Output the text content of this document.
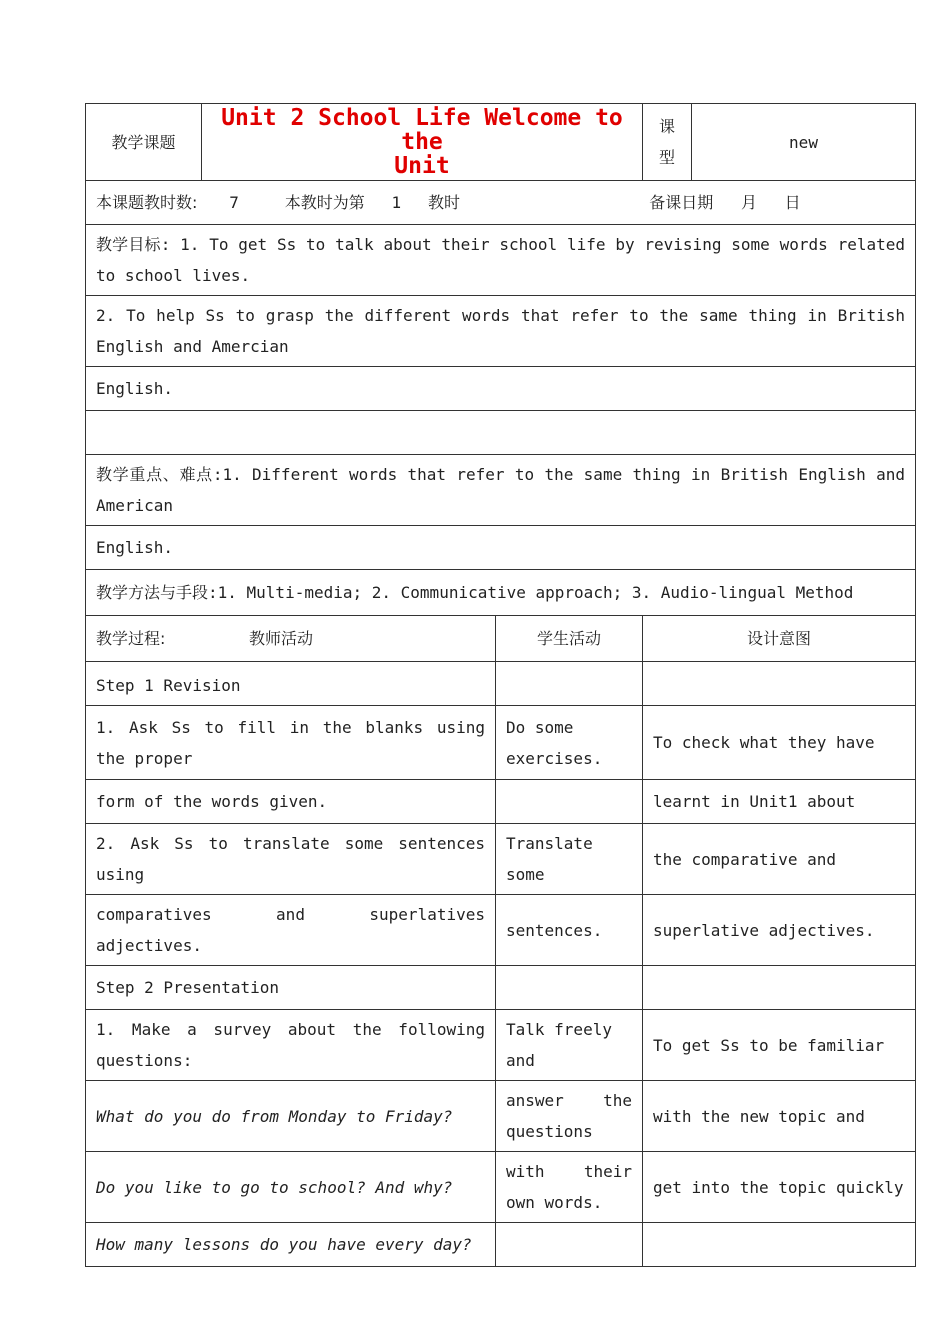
教学课题	Unit 2 School Life Welcome to the
Unit		课型	new
本课题教时数: 7 本教时为第 1 教时 备课日期 月 日				
教学目标: 1. To get Ss to talk about their school life by revising some words related to school lives.				
2. To help Ss to grasp the different words that refer to the same thing in British English and Amercian				
English.				

教学重点、难点:1. Different words that refer to the same thing in British English and American				
English.				
教学方法与手段:1. Multi-media; 2. Communicative approach; 3. Audio-lingual Method				
教学过程: 教师活动		学生活动	设计意图	
Step 1 Revision				
1. Ask Ss to fill in the blanks using the proper		Do some exercises.	To check what they have	
form of the words given.			learnt in Unit1 about	
2. Ask Ss to translate some sentences using		Translate some	the comparative and	
comparatives and superlatives adjectives.		sentences.	superlative adjectives.	
Step 2 Presentation				
1. Make a survey about the following questions:		Talk freely and	To get Ss to be familiar	
What do you do from Monday to Friday?		answer the questions	with the new topic and	
Do you like to go to school? And why?		with their own words.	get into the topic quickly	
How many lessons do you have every day?				
